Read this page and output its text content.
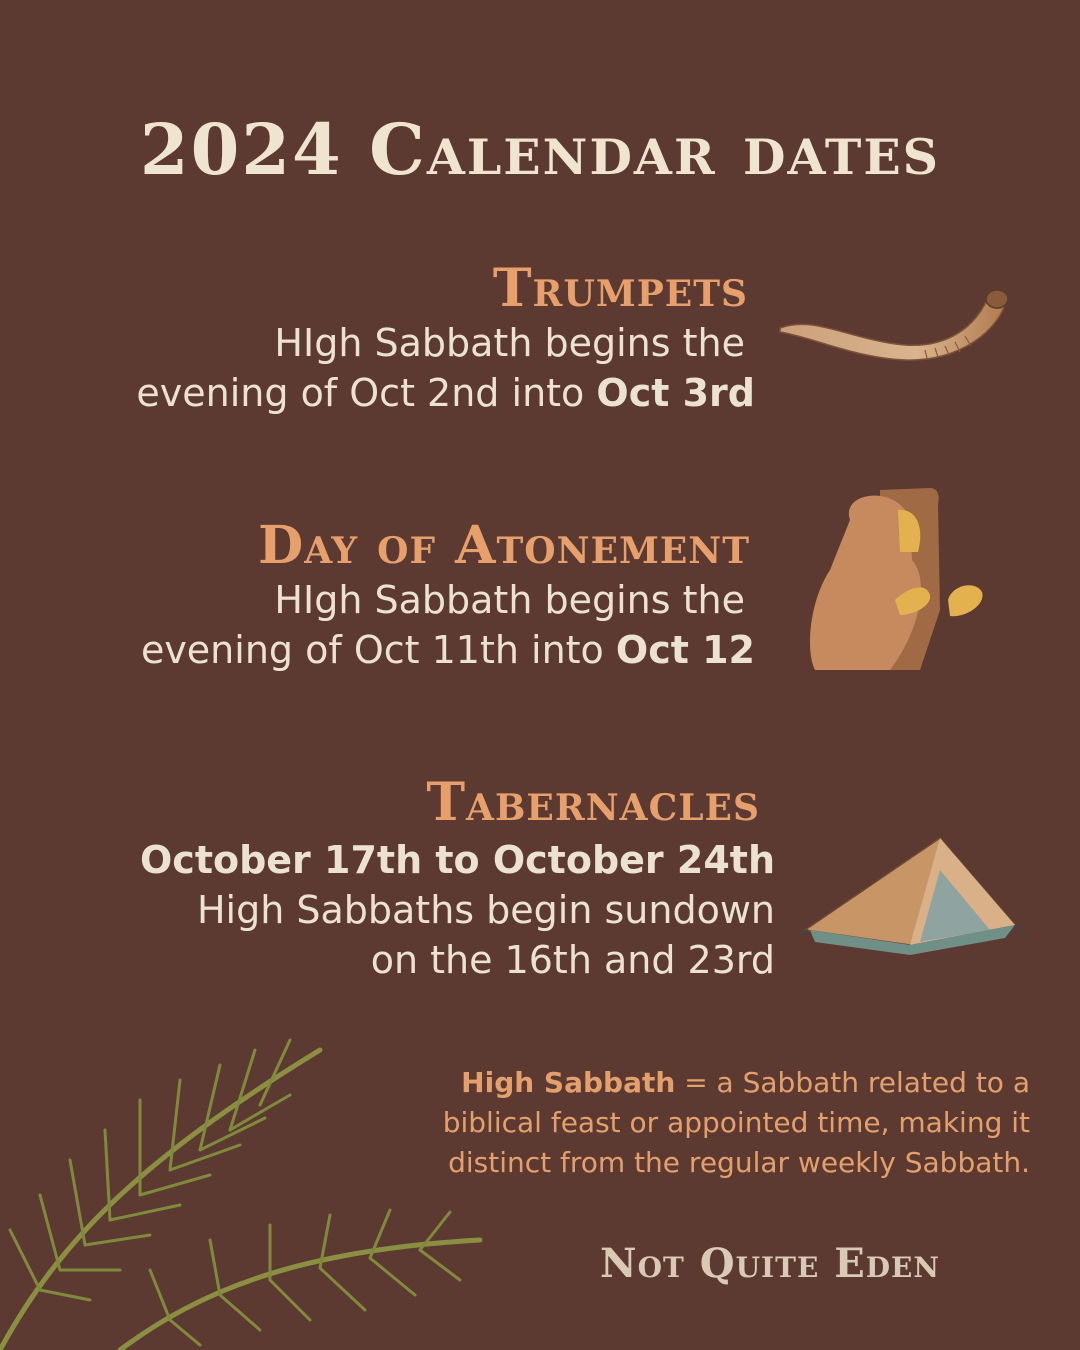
2024 Calendar dates
Trumpets
HIgh Sabbath begins the
evening of Oct 2nd into Oct 3rd
Day of Atonement
HIgh Sabbath begins the
evening of Oct 11th into Oct 12
Tabernacles
October 17th to October 24th
High Sabbaths begin sundown
on the 16th and 23rd
High Sabbath = a Sabbath related to a
biblical feast or appointed time, making it
distinct from the regular weekly Sabbath.
Not Quite Eden
